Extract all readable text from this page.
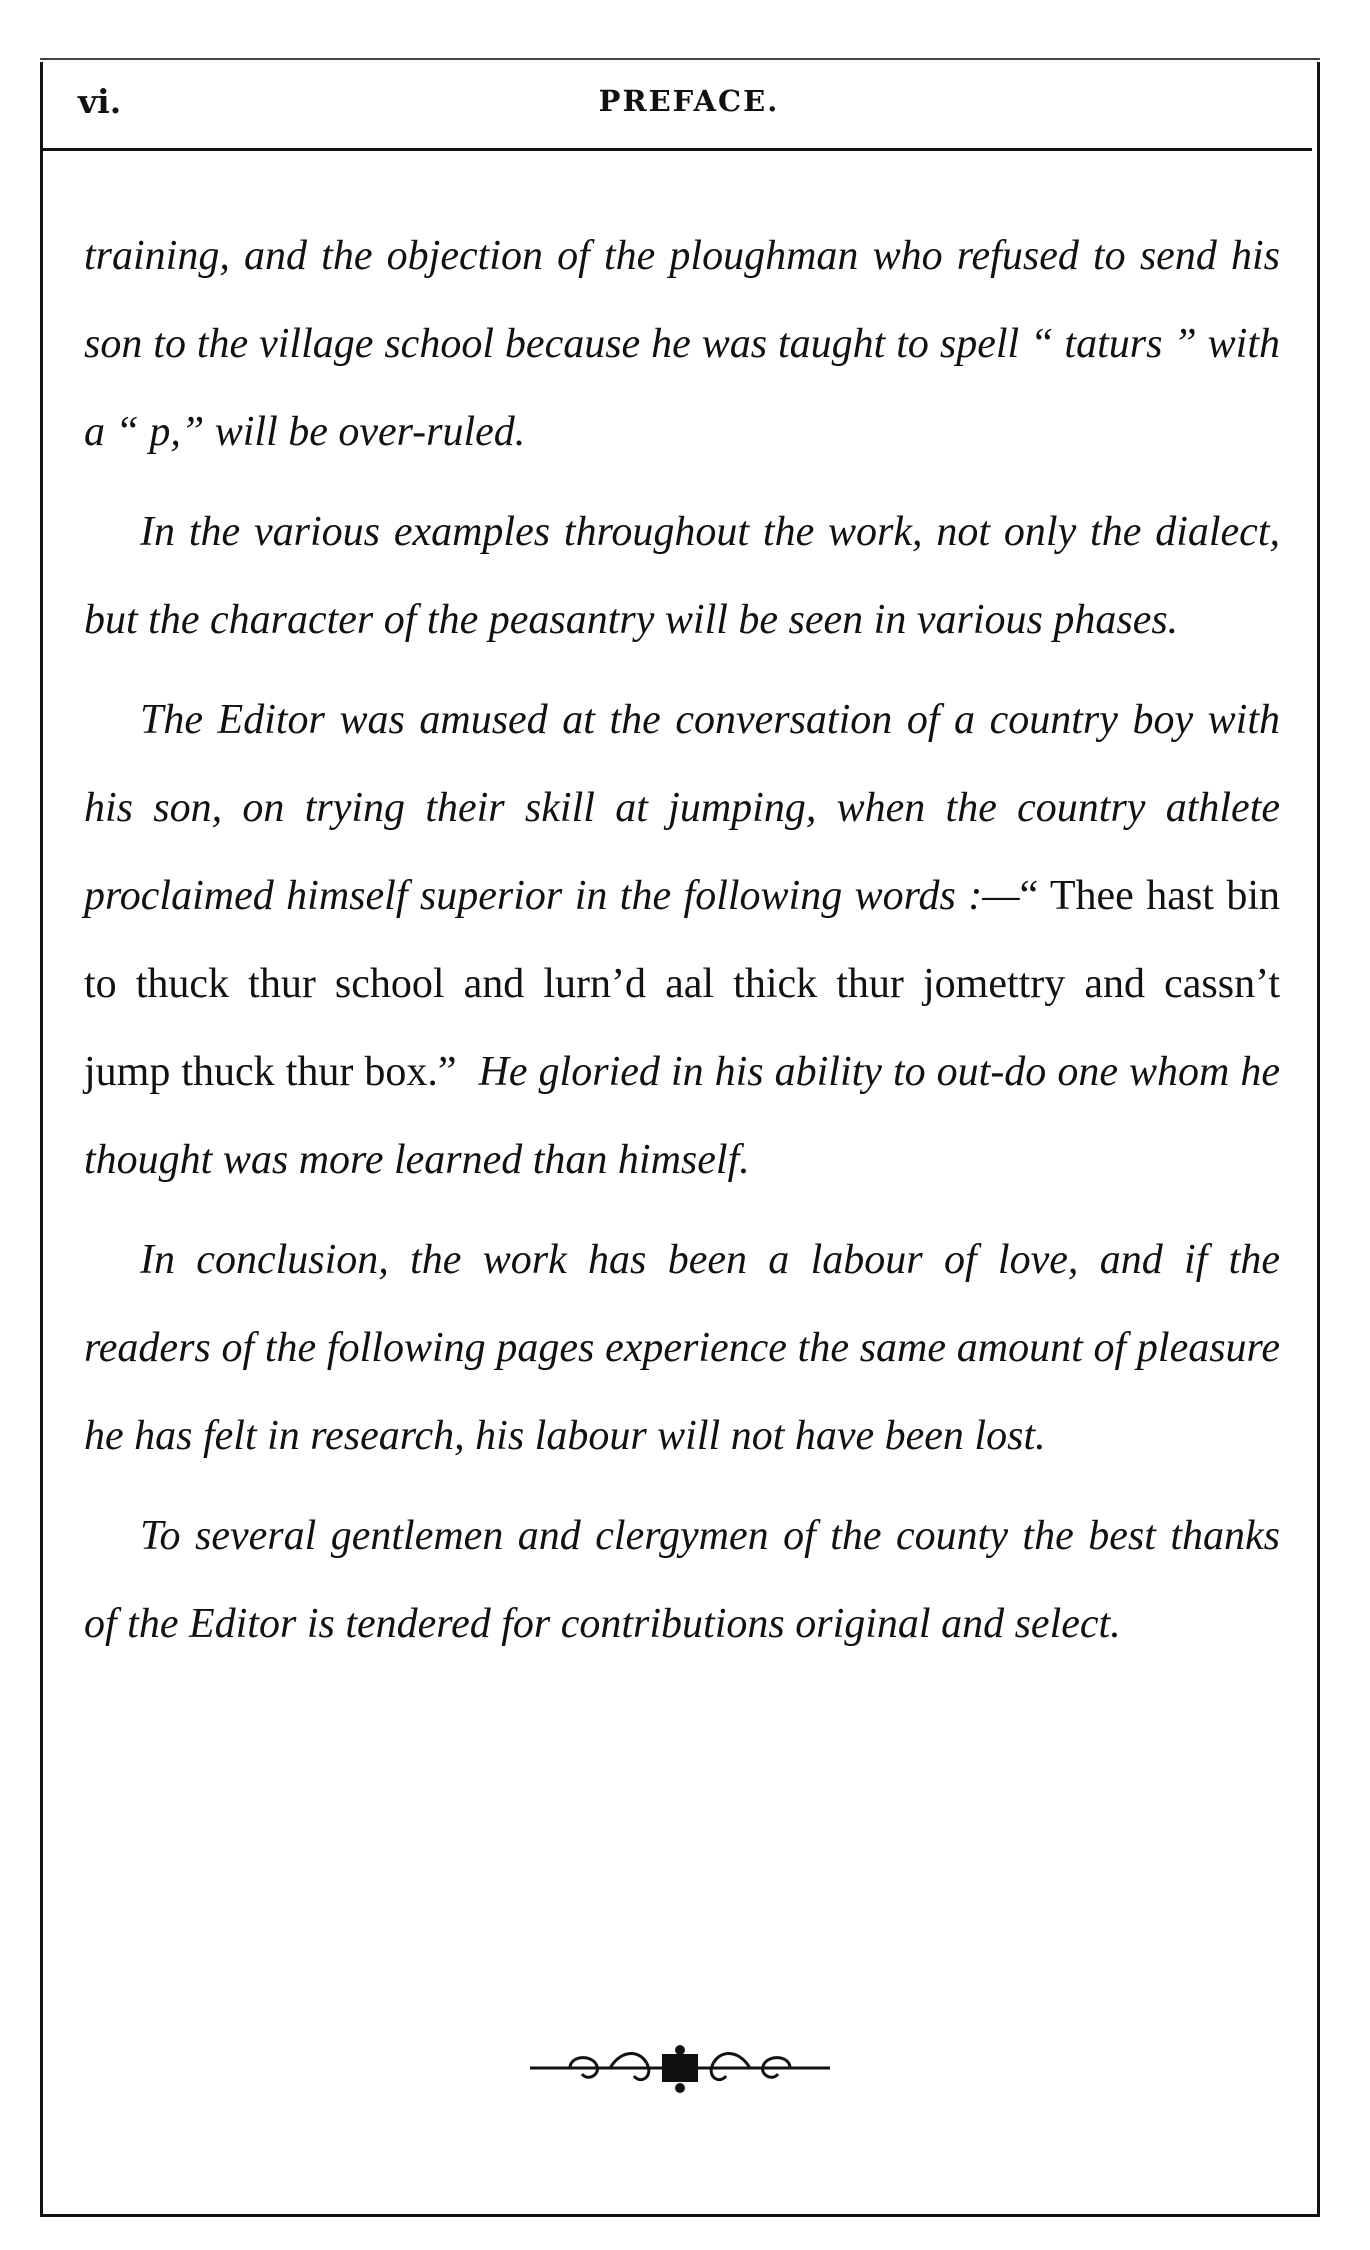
vi.	PREFACE.

training, and the objection of the ploughman who refused to send his son to the village school because he was taught to spell “ taturs ” with a “ p,” will be over-ruled.

In the various examples throughout the work, not only the dialect, but the character of the peasantry will be seen in various phases.

The Editor was amused at the conversation of a country boy with his son, on trying their skill at jumping, when the country athlete proclaimed himself superior in the following words :—“ Thee hast bin to thuck thur school and lurn’d aal thick thur jomettry and cassn’t jump thuck thur box.” He gloried in his ability to out-do one whom he thought was more learned than himself.

In conclusion, the work has been a labour of love, and if the readers of the following pages experience the same amount of pleasure he has felt in research, his labour will not have been lost.

To several gentlemen and clergymen of the county the best thanks of the Editor is tendered for contributions original and select.
